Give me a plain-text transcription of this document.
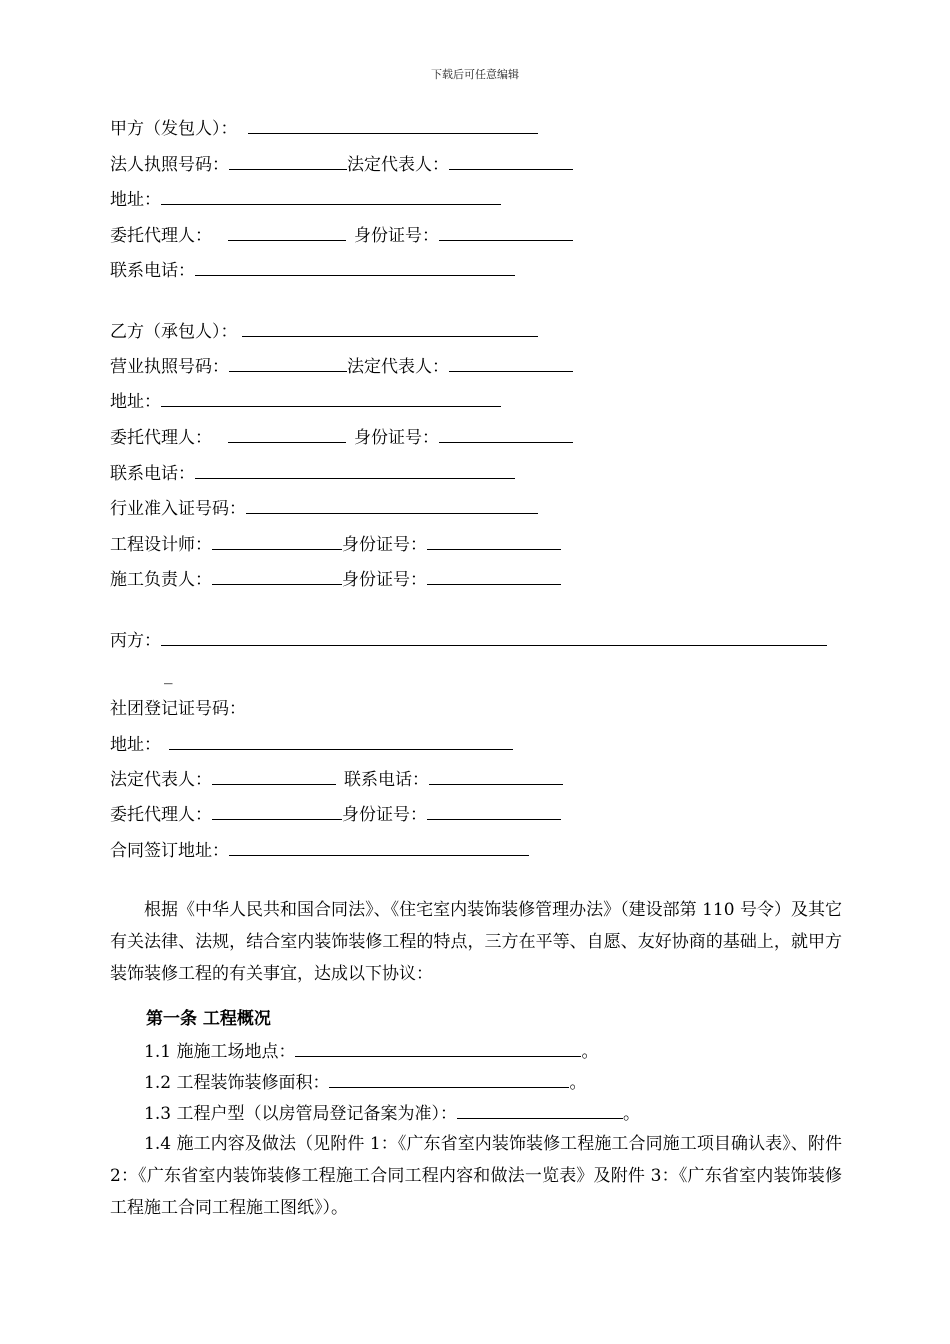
下载后可任意编辑
甲方（发包人）：
法人执照号码：	法定代表人：
地址：
委托代理人：	身份证号：
联系电话：
乙方（承包人）：
营业执照号码：	法定代表人：
地址：
委托代理人：	身份证号：
联系电话：
行业准入证号码：
工程设计师：	身份证号：
施工负责人：	身份证号：
丙方：
_
社团登记证号码：
地址：
法定代表人：	联系电话：
委托代理人：	身份证号：
合同签订地址：
根据《中华人民共和国合同法》、《住宅室内装饰装修管理办法》（建设部第 110 号令）及其它有关法律、法规，结合室内装饰装修工程的特点，三方在平等、自愿、友好协商的基础上，就甲方装饰装修工程的有关事宜，达成以下协议：
第一条 工程概况
1.1 施施工场地点：	。
1.2 工程装饰装修面积：	。
1.3 工程户型（以房管局登记备案为准）：	。
1.4 施工内容及做法（见附件 1：《广东省室内装饰装修工程施工合同施工项目确认表》、附件 2：《广东省室内装饰装修工程施工合同工程内容和做法一览表》及附件 3：《广东省室内装饰装修工程施工合同工程施工图纸》）。
